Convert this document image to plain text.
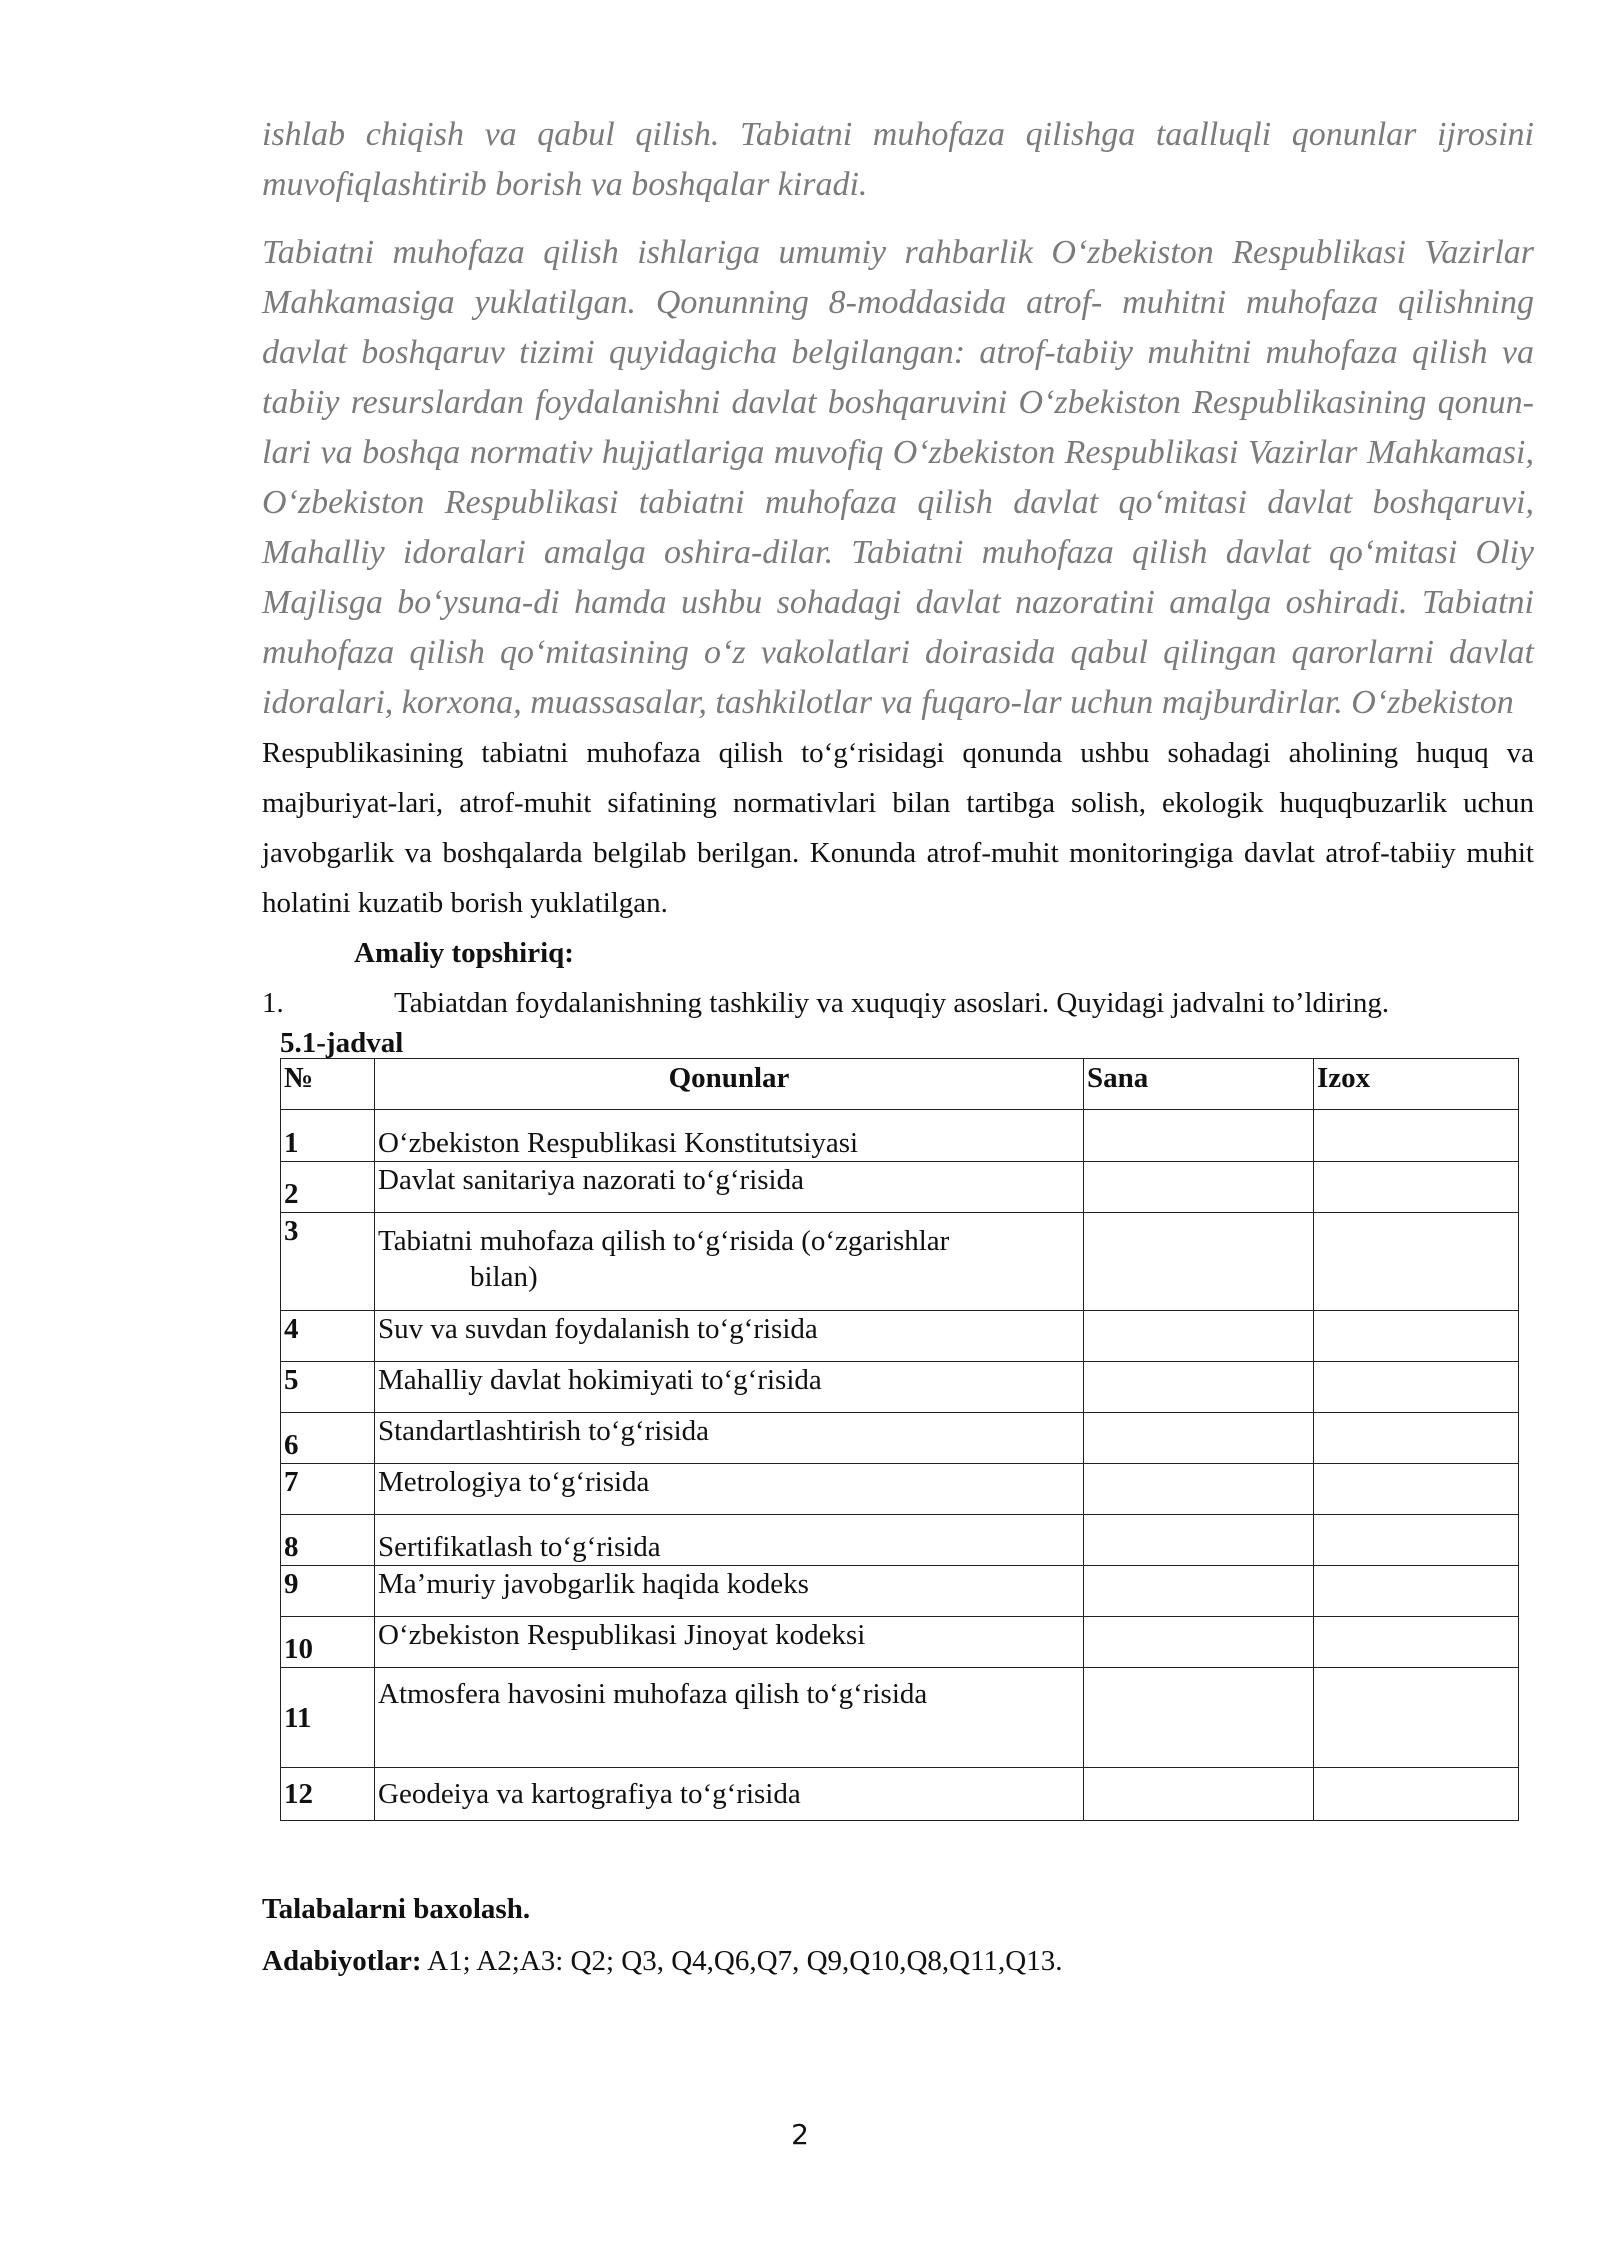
ishlab chiqish va qabul qilish. Tabiatni muhofaza qilishga taalluqli qonunlar ijrosini muvofiqlashtirib borish va boshqalar kiradi.

Tabiatni muhofaza qilish ishlariga umumiy rahbarlik O‘zbekiston Respublikasi Vazirlar Mahkamasiga yuklatilgan. Qonunning 8-moddasida atrof- muhitni muhofaza qilishning davlat boshqaruv tizimi quyidagicha belgilangan: atrof-tabiiy muhitni muhofaza qilish va tabiiy resurslardan foydalanishni davlat boshqaruvini O‘zbekiston Respublikasining qonun-lari va boshqa normativ hujjatlariga muvofiq O‘zbekiston Respublikasi Vazirlar Mahkamasi, O‘zbekiston Respublikasi tabiatni muhofaza qilish davlat qo‘mitasi davlat boshqaruvi, Mahalliy idoralari amalga oshira-dilar. Tabiatni muhofaza qilish davlat qo‘mitasi Oliy Majlisga bo‘ysuna-di hamda ushbu sohadagi davlat nazoratini amalga oshiradi. Tabiatni muhofaza qilish qo‘mitasining o‘z vakolatlari doirasida qabul qilingan qarorlarni davlat idoralari, korxona, muassasalar, tashkilotlar va fuqaro-lar uchun majburdirlar. O‘zbekiston

Respublikasining tabiatni muhofaza qilish to‘g‘risidagi qonunda ushbu sohadagi aholining huquq va majburiyat-lari, atrof-muhit sifatining normativlari bilan tartibga solish, ekologik huquqbuzarlik uchun javobgarlik va boshqalarda belgilab berilgan. Konunda atrof-muhit monitoringiga davlat atrof-tabiiy muhit holatini kuzatib borish yuklatilgan.

Amaliy topshiriq:

1.	Tabiatdan foydalanishning tashkiliy va xuquqiy asoslari. Quyidagi jadvalni to’ldiring.

5.1-jadval

№	Qonunlar	Sana	Izox
1	O‘zbekiston Respublikasi Konstitutsiyasi		
2	Davlat sanitariya nazorati to‘g‘risida		
3	Tabiatni muhofaza qilish to‘g‘risida (o‘zgarishlar
bilan)		

4	Suv va suvdan foydalanish to‘g‘risida		
5	Mahalliy davlat hokimiyati to‘g‘risida		
6	Standartlashtirish to‘g‘risida		
7	Metrologiya to‘g‘risida		
8	Sertifikatlash to‘g‘risida		
9	Ma’muriy javobgarlik haqida kodeks		
10	O‘zbekiston Respublikasi Jinoyat kodeksi		
11	Atmosfera havosini muhofaza qilish to‘g‘risida		
12	Geodeiya va kartografiya to‘g‘risida		

Talabalarni baxolash.

Adabiyotlar: A1; A2;A3: Q2; Q3, Q4,Q6,Q7, Q9,Q10,Q8,Q11,Q13.

2
